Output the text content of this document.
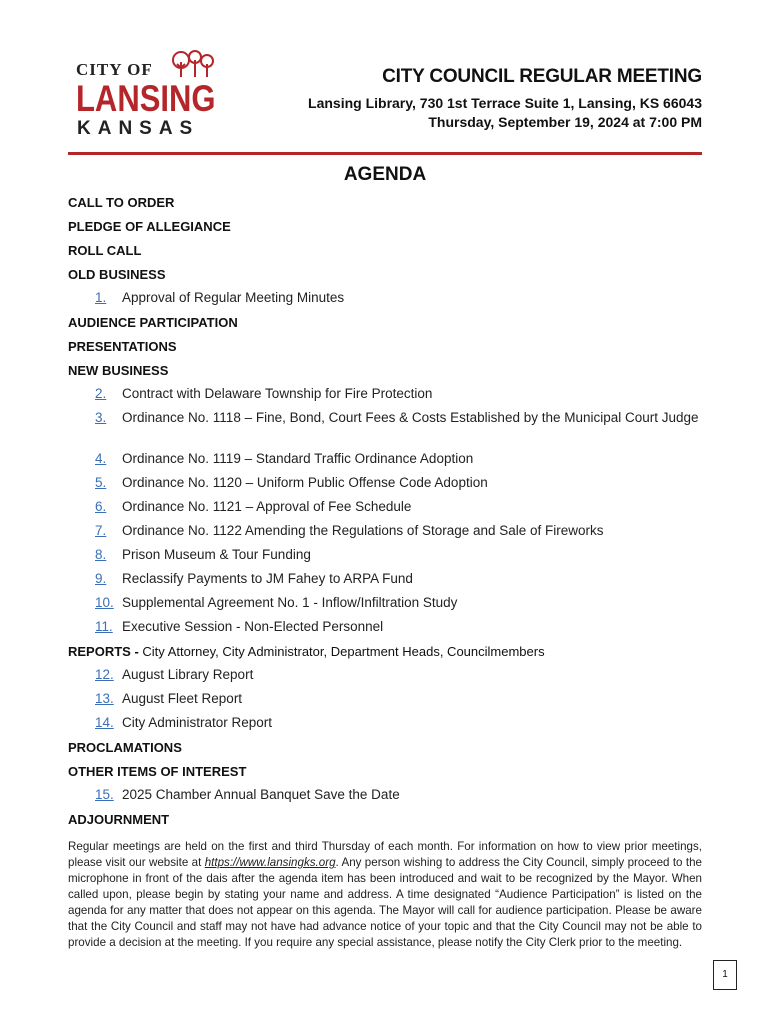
CITY OF
LANSING
KANSAS
CITY COUNCIL REGULAR MEETING
Lansing Library, 730 1st Terrace Suite 1, Lansing, KS 66043
Thursday, September 19, 2024 at 7:00 PM
AGENDA
CALL TO ORDER
PLEDGE OF ALLEGIANCE
ROLL CALL
OLD BUSINESS
1.	Approval of Regular Meeting Minutes
AUDIENCE PARTICIPATION
PRESENTATIONS
NEW BUSINESS
2.	Contract with Delaware Township for Fire Protection
3.	Ordinance No. 1118 – Fine, Bond, Court Fees & Costs Established by the Municipal Court Judge
4.	Ordinance No. 1119 – Standard Traffic Ordinance Adoption
5.	Ordinance No. 1120 – Uniform Public Offense Code Adoption
6.	Ordinance No. 1121 – Approval of Fee Schedule
7.	Ordinance No. 1122 Amending the Regulations of Storage and Sale of Fireworks
8.	Prison Museum & Tour Funding
9.	Reclassify Payments to JM Fahey to ARPA Fund
10. Supplemental Agreement No. 1 - Inflow/Infiltration Study
11. Executive Session - Non-Elected Personnel
REPORTS - City Attorney, City Administrator, Department Heads, Councilmembers
12. August Library Report
13. August Fleet Report
14. City Administrator Report
PROCLAMATIONS
OTHER ITEMS OF INTEREST
15. 2025 Chamber Annual Banquet Save the Date
ADJOURNMENT
Regular meetings are held on the first and third Thursday of each month. For information on how to view prior meetings, please visit our website at https://www.lansingks.org. Any person wishing to address the City Council, simply proceed to the microphone in front of the dais after the agenda item has been introduced and wait to be recognized by the Mayor. When called upon, please begin by stating your name and address. A time designated “Audience Participation” is listed on the agenda for any matter that does not appear on this agenda. The Mayor will call for audience participation. Please be aware that the City Council and staff may not have had advance notice of your topic and that the City Council may not be able to provide a decision at the meeting. If you require any special assistance, please notify the City Clerk prior to the meeting.
1
